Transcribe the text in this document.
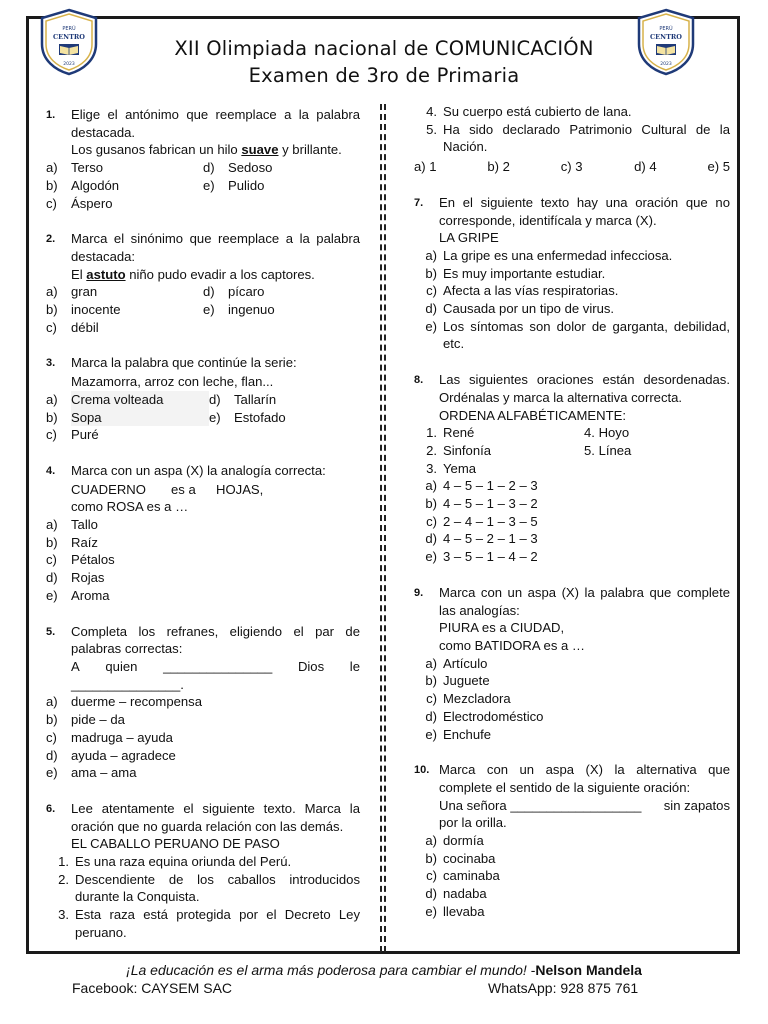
PERÚ
CENTRO
2023
PERÚ
CENTRO
2023
XII Olimpiada nacional de COMUNICACIÓN
Examen de 3ro de Primaria
1.	Elige el antónimo que reemplace a la palabra destacada.
Los gusanos fabrican un hilo suave y brillante.
a)	Terso	d)	Sedoso
b)	Algodón	e)	Pulido
c)	Áspero
2.	Marca el sinónimo que reemplace a la palabra destacada:
El astuto niño pudo evadir a los captores.
a)	gran	d)	pícaro
b)	inocente	e)	ingenuo
c)	débil
3.	Marca la palabra que continúe la serie:
Mazamorra, arroz con leche, flan...
a)	Crema volteada	d)	Tallarín
b)	Sopa	e)	Estofado
c)	Puré
4.	Marca con un aspa (X) la analogía correcta:
CUADERNO	es a	HOJAS,
como ROSA es a …
a)	Tallo
b)	Raíz
c)	Pétalos
d)	Rojas
e)	Aroma
5.	Completa los refranes, eligiendo el par de palabras correctas:
A quien _______________ Dios le
_______________.
a)	duerme – recompensa
b)	pide – da
c)	madruga – ayuda
d)	ayuda – agradece
e)	ama – ama
6.	Lee atentamente el siguiente texto. Marca la oración que no guarda relación con las demás.
EL CABALLO PERUANO DE PASO
1. Es una raza equina oriunda del Perú.
2. Descendiente de los caballos introducidos durante la Conquista.
3. Esta raza está protegida por el Decreto Ley peruano.
4. Su cuerpo está cubierto de lana.
5. Ha sido declarado Patrimonio Cultural de la Nación.
a) 1	b) 2	c) 3	d) 4	e) 5
7.	En el siguiente texto hay una oración que no corresponde, identifícala y marca (X).
LA GRIPE
a) La gripe es una enfermedad infecciosa.
b) Es muy importante estudiar.
c) Afecta a las vías respiratorias.
d) Causada por un tipo de virus.
e) Los síntomas son dolor de garganta, debilidad, etc.
8.	Las siguientes oraciones están desordenadas. Ordénalas y marca la alternativa correcta.
ORDENA ALFABÉTICAMENTE:
1. René	4. Hoyo
2. Sinfonía	5. Línea
3. Yema
a) 4 – 5 – 1 – 2 – 3
b) 4 – 5 – 1 – 3 – 2
c) 2 – 4 – 1 – 3 – 5
d) 4 – 5 – 2 – 1 – 3
e) 3 – 5 – 1 – 4 – 2
9.	Marca con un aspa (X) la palabra que complete las analogías:
PIURA es a CIUDAD,
como BATIDORA es a …
a) Artículo
b) Juguete
c) Mezcladora
d) Electrodoméstico
e) Enchufe
10. Marca con un aspa (X) la alternativa que complete el sentido de la siguiente oración:
Una señora __________________ sin zapatos
por la orilla.
a) dormía
b) cocinaba
c) caminaba
d) nadaba
e) llevaba
¡La educación es el arma más poderosa para cambiar el mundo! -Nelson Mandela
Facebook: CAYSEM SAC	WhatsApp: 928 875 761
